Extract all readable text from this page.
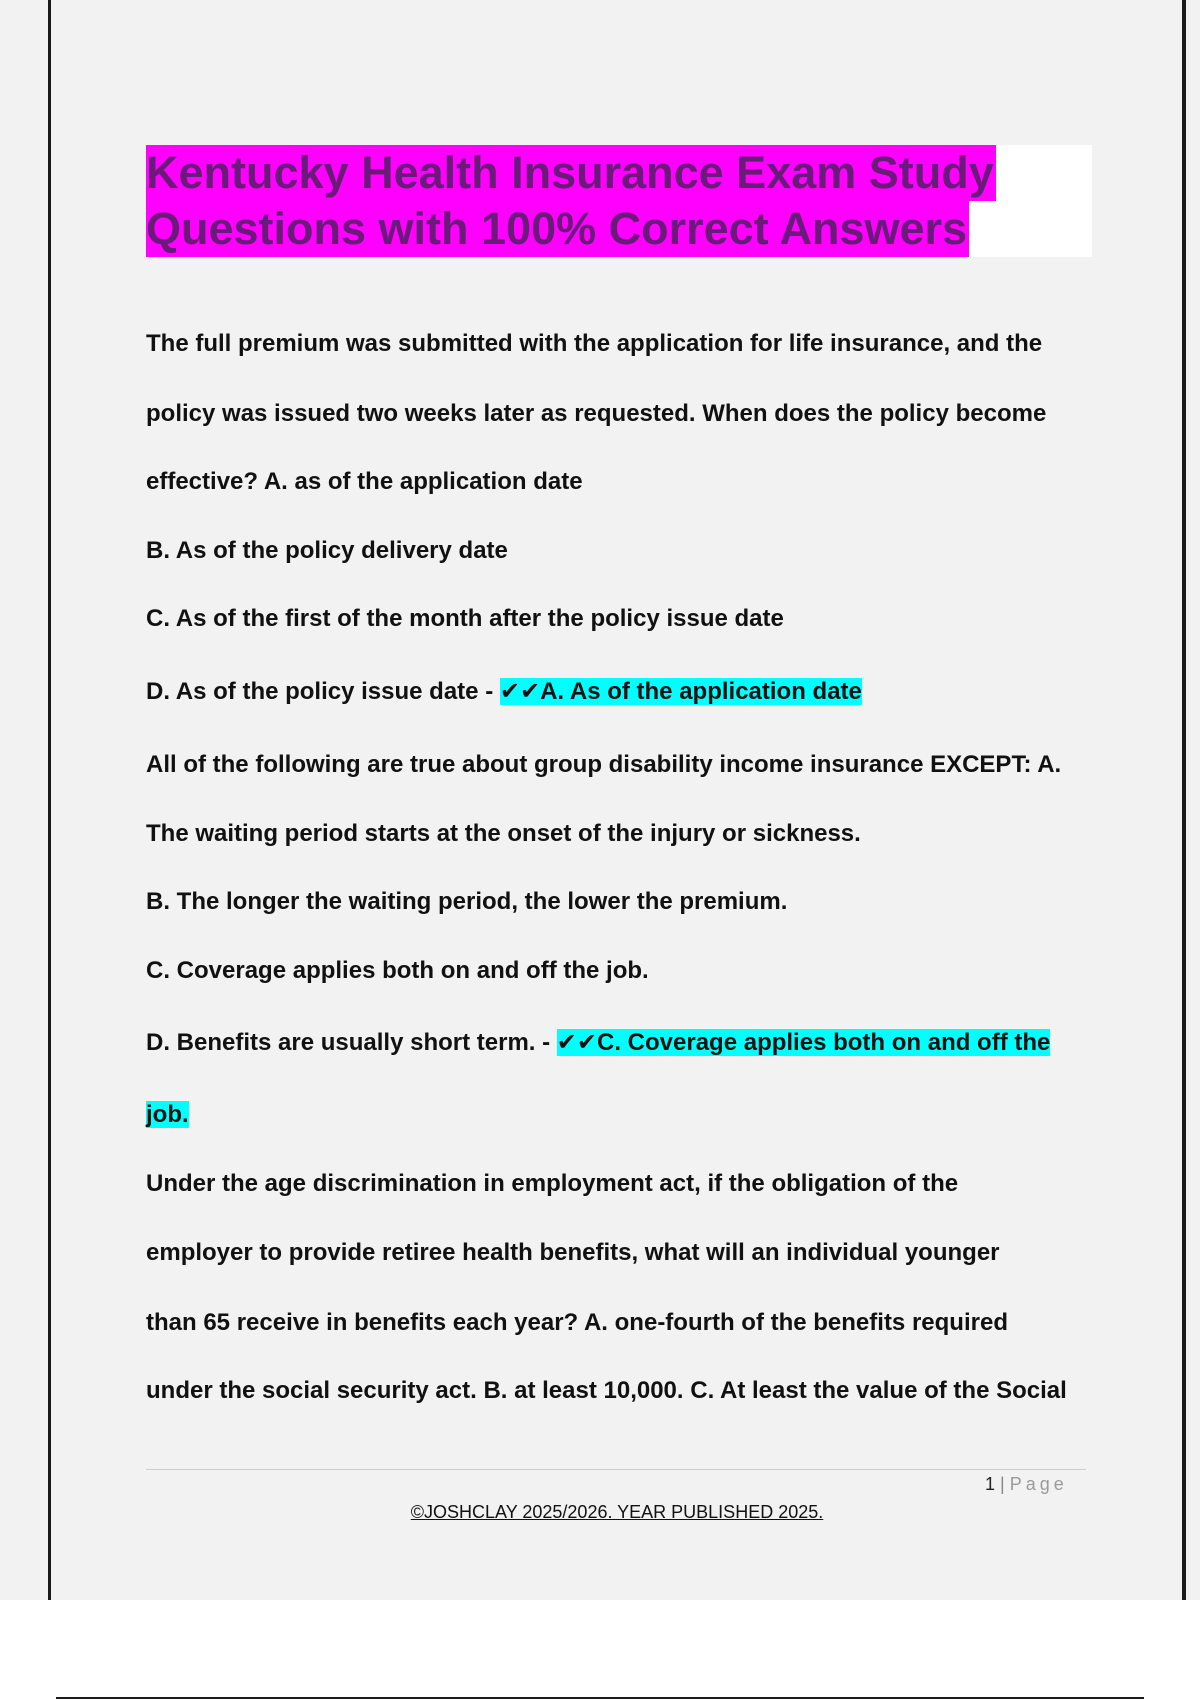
Kentucky Health Insurance Exam Study
Questions with 100% Correct Answers
The full premium was submitted with the application for life insurance, and the
policy was issued two weeks later as requested. When does the policy become
effective? A. as of the application date
B. As of the policy delivery date
C. As of the first of the month after the policy issue date
D. As of the policy issue date - ✔✔A. As of the application date
All of the following are true about group disability income insurance EXCEPT: A.
The waiting period starts at the onset of the injury or sickness.
B. The longer the waiting period, the lower the premium.
C. Coverage applies both on and off the job.
D. Benefits are usually short term. - ✔✔C. Coverage applies both on and off the
job.
Under the age discrimination in employment act, if the obligation of the
employer to provide retiree health benefits, what will an individual younger
than 65 receive in benefits each year? A. one-fourth of the benefits required
under the social security act. B. at least 10,000. C. At least the value of the Social
1 | Page
©JOSHCLAY 2025/2026. YEAR PUBLISHED 2025.
